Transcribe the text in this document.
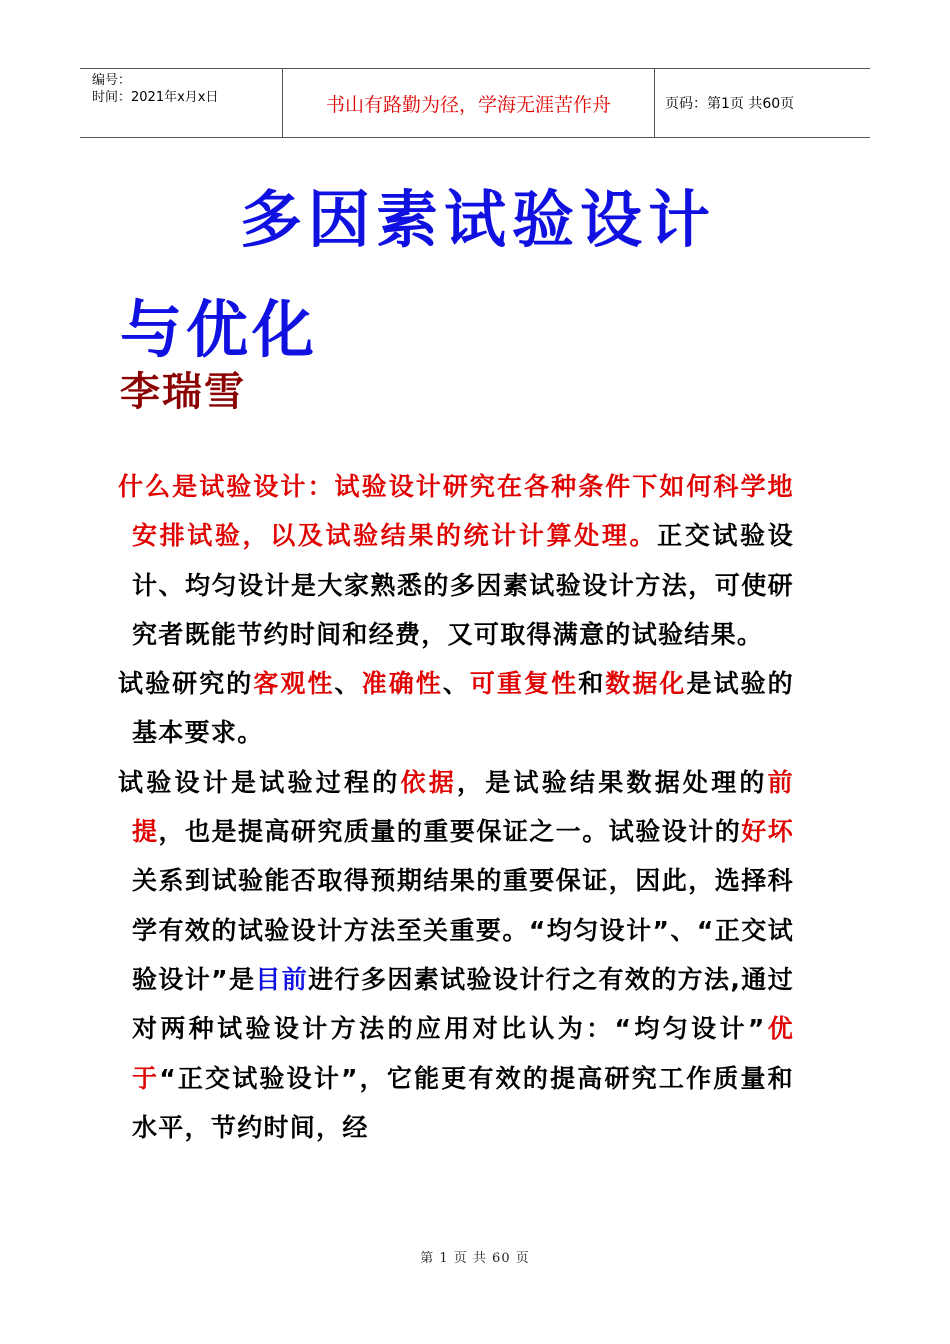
编号：
时间：2021年x月x日	书山有路勤为径，学海无涯苦作舟	页码：第1页 共60页
多因素试验设计
与优化
李瑞雪

什么是试验设计：试验设计研究在各种条件下如何科学地安排试验，以及试验结果的统计计算处理。正交试验设计、均匀设计是大家熟悉的多因素试验设计方法，可使研究者既能节约时间和经费，又可取得满意的试验结果。

试验研究的客观性、准确性、可重复性和数据化是试验的基本要求。

试验设计是试验过程的依据，是试验结果数据处理的前提，也是提高研究质量的重要保证之一。试验设计的好坏关系到试验能否取得预期结果的重要保证，因此，选择科学有效的试验设计方法至关重要。“均匀设计”、“正交试验设计”是目前进行多因素试验设计行之有效的方法,通过对两种试验设计方法的应用对比认为：“均匀设计”优于“正交试验设计”，它能更有效的提高研究工作质量和水平，节约时间，经

第 1 页 共 60 页
